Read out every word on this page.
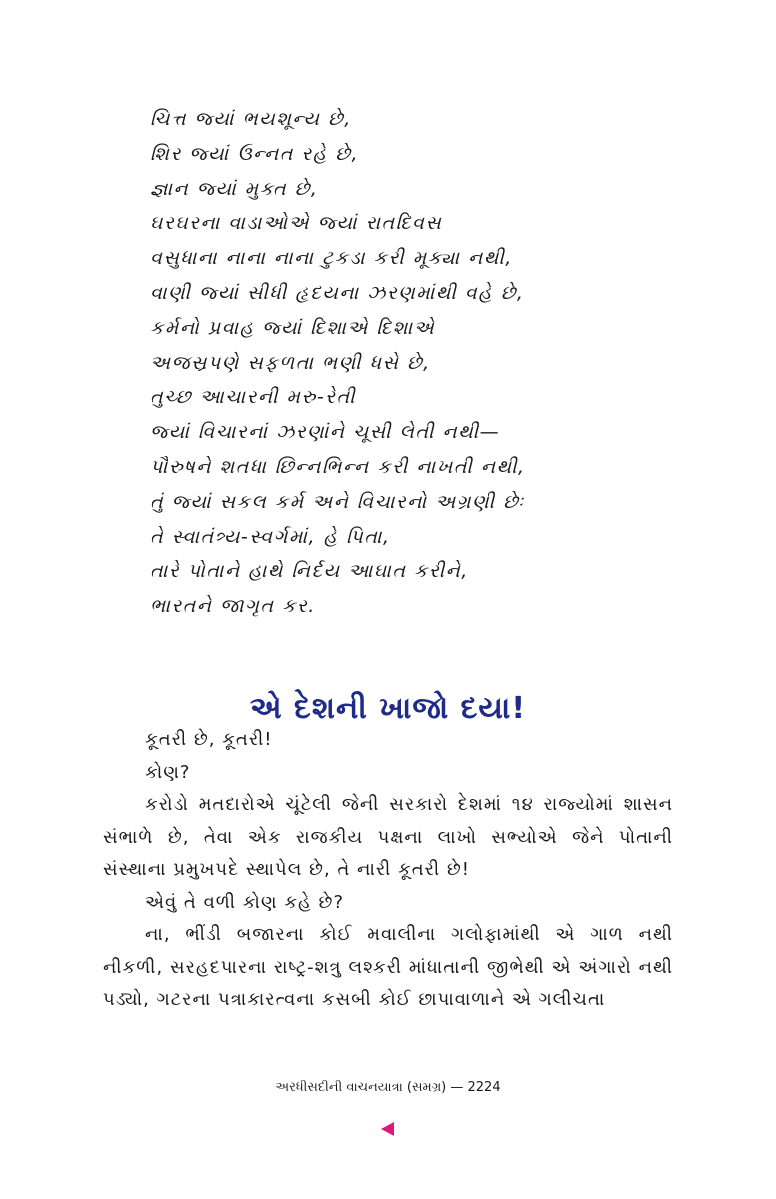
ચિત્ત જ્યાં ભયશૂન્ય છે,
શિર જ્યાં ઉન્નત રહે છે,
જ્ઞાન જ્યાં મુક્ત છે,
ઘરઘરના વાડાઓએ જ્યાં રાતદિવસ
વસુધાના નાના નાના ટુકડા કરી મૂક્યા નથી,
વાણી જ્યાં સીધી હૃદયના ઝરણમાંથી વહે છે,
કર્મનો પ્રવાહ જ્યાં દિશાએ દિશાએ
અજસ્રપણે સફળતા ભણી ધસે છે,
તુચ્છ આચારની મરુ-રેતી
જ્યાં વિચારનાં ઝરણાંને ચૂસી લેતી નથી—
પૌરુષને શતધા છિન્નભિન્ન કરી નાખતી નથી,
તું જ્યાં સકલ કર્મ અને વિચારનો અગ્રણી છેઃ
તે સ્વાતંત્ર્ય-સ્વર્ગમાં, હે પિતા,
તારે પોતાને હાથે નિર્દય આઘાત કરીને,
ભારતને જાગૃત કર.
એ દેશની ખાજો દયા!

કૂતરી છે, કૂતરી!

કોણ?

કરોડો મતદારોએ ચૂંટેલી જેની સરકારો દેશમાં ૧૪ રાજ્યોમાં શાસન સંભાળે છે, તેવા એક રાજકીય પક્ષના લાખો સભ્યોએ જેને પોતાની સંસ્થાના પ્રમુખપદે સ્થાપેલ છે, તે નારી કૂતરી છે!

એવું તે વળી કોણ કહે છે?

ના, ભીંડી બજારના કોઈ મવાલીના ગલોફામાંથી એ ગાળ નથી નીકળી, સરહદપારના રાષ્ટ્ર-શત્રુ લશ્કરી માંધાતાની જીભેથી એ અંગારો નથી પડ્યો, ગટરના પત્રાકારત્વના કસબી કોઈ છાપાવાળાને એ ગલીચતા

અરધીસદીની વાચનયાત્રા (સમગ્ર) — 2224
